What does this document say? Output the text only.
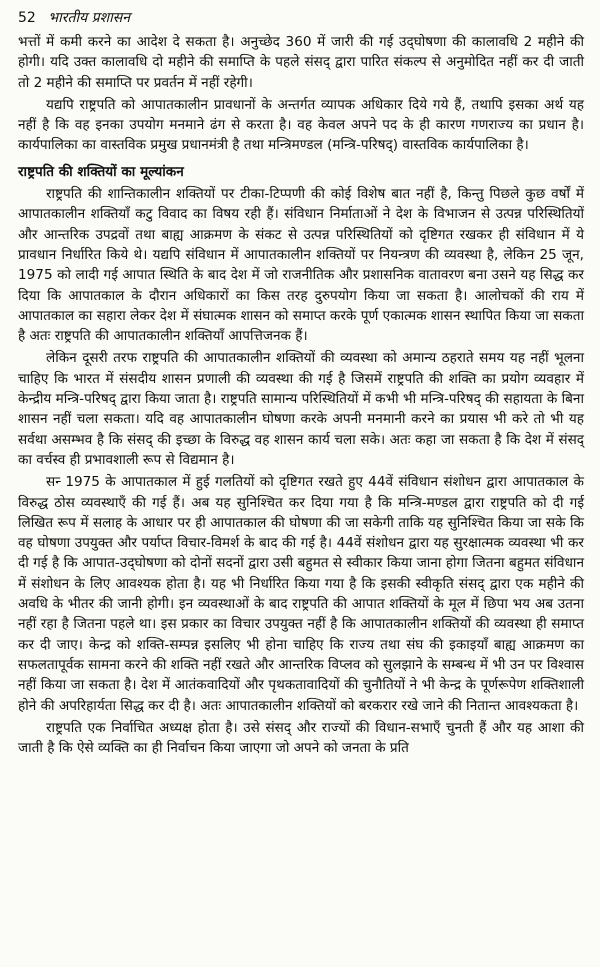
52 भारतीय प्रशासन

भत्तों में कमी करने का आदेश दे सकता है। अनुच्छेद 360 में जारी की गई उद्‍घोषणा की कालावधि 2 महीने की होगी। यदि उक्त कालावधि दो महीने की समाप्ति के पहले संसद्‍ द्वारा पारित संकल्प से अनुमोदित नहीं कर दी जाती तो 2 महीने की समाप्ति पर प्रवर्तन में नहीं रहेगी।

यद्यपि राष्ट्रपति को आपातकालीन प्रावधानों के अन्तर्गत व्यापक अधिकार दिये गये हैं, तथापि इसका अर्थ यह नहीं है कि वह इनका उपयोग मनमाने ढंग से करता है। वह केवल अपने पद के ही कारण गणराज्य का प्रधान है। कार्यपालिका का वास्तविक प्रमुख प्रधानमंत्री है तथा मन्त्रिमण्डल (मन्त्रि-परिषद्‍) वास्तविक कार्यपालिका है।

राष्ट्रपति की शक्तियों का मूल्यांकन

राष्ट्रपति की शान्तिकालीन शक्तियों पर टीका-टिप्पणी की कोई विशेष बात नहीं है, किन्तु पिछले कुछ वर्षों में आपातकालीन शक्तियाँ कटु विवाद का विषय रही हैं। संविधान निर्माताओं ने देश के विभाजन से उत्पन्न परिस्थितियों और आन्तरिक उपद्रवों तथा बाह्य आक्रमण के संकट से उत्पन्न परिस्थितियों को दृष्टिगत रखकर ही संविधान में ये प्रावधान निर्धारित किये थे। यद्यपि संविधान में आपातकालीन शक्तियों पर नियन्त्रण की व्यवस्था है, लेकिन 25 जून, 1975 को लादी गई आपात स्थिति के बाद देश में जो राजनीतिक और प्रशासनिक वातावरण बना उसने यह सिद्ध कर दिया कि आपातकाल के दौरान अधिकारों का किस तरह दुरुपयोग किया जा सकता है। आलोचकों की राय में आपातकाल का सहारा लेकर देश में संघात्मक शासन को समाप्त करके पूर्ण एकात्मक शासन स्थापित किया जा सकता है अतः राष्ट्रपति की आपातकालीन शक्तियाँ आपत्तिजनक हैं।

लेकिन दूसरी तरफ राष्ट्रपति की आपातकालीन शक्तियों की व्यवस्था को अमान्य ठहराते समय यह नहीं भूलना चाहिए कि भारत में संसदीय शासन प्रणाली की व्यवस्था की गई है जिसमें राष्ट्रपति की शक्ति का प्रयोग व्यवहार में केन्द्रीय मन्त्रि-परिषद्‍ द्वारा किया जाता है। राष्ट्रपति सामान्य परिस्थितियों में कभी भी मन्त्रि-परिषद्‍ की सहायता के बिना शासन नहीं चला सकता। यदि वह आपातकालीन घोषणा करके अपनी मनमानी करने का प्रयास भी करे तो भी यह सर्वथा असम्भव है कि संसद्‍ की इच्छा के विरुद्ध वह शासन कार्य चला सके। अतः कहा जा सकता है कि देश में संसद्‍ का वर्चस्व ही प्रभावशाली रूप से विद्यमान है।

सन्‍ 1975 के आपातकाल में हुई गलतियों को दृष्टिगत रखते हुए 44वें संविधान संशोधन द्वारा आपातकाल के विरुद्ध ठोस व्यवस्थाएँ की गई हैं। अब यह सुनिश्चित कर दिया गया है कि मन्त्रि-मण्डल द्वारा राष्ट्रपति को दी गई लिखित रूप में सलाह के आधार पर ही आपातकाल की घोषणा की जा सकेगी ताकि यह सुनिश्चित किया जा सके कि वह घोषणा उपयुक्त और पर्याप्त विचार-विमर्श के बाद की गई है। 44वें संशोधन द्वारा यह सुरक्षात्मक व्यवस्था भी कर दी गई है कि आपात-उद्‍घोषणा को दोनों सदनों द्वारा उसी बहुमत से स्वीकार किया जाना होगा जितना बहुमत संविधान में संशोधन के लिए आवश्यक होता है। यह भी निर्धारित किया गया है कि इसकी स्वीकृति संसद्‍ द्वारा एक महीने की अवधि के भीतर की जानी होगी। इन व्यवस्थाओं के बाद राष्ट्रपति की आपात शक्तियों के मूल में छिपा भय अब उतना नहीं रहा है जितना पहले था। इस प्रकार का विचार उपयुक्त नहीं है कि आपातकालीन शक्तियों की व्यवस्था ही समाप्त कर दी जाए। केन्द्र को शक्ति-सम्पन्न इसलिए भी होना चाहिए कि राज्य तथा संघ की इकाइयाँ बाह्य आक्रमण का सफलतापूर्वक सामना करने की शक्ति नहीं रखते और आन्तरिक विप्लव को सुलझाने के सम्बन्ध में भी उन पर विश्वास नहीं किया जा सकता है। देश में आतंकवादियों और पृथकतावादियों की चुनौतियों ने भी केन्द्र के पूर्णरूपेण शक्तिशाली होने की अपरिहार्यता सिद्ध कर दी है। अतः आपातकालीन शक्तियों को बरकरार रखे जाने की नितान्त आवश्यकता है।

राष्ट्रपति एक निर्वाचित अध्यक्ष होता है। उसे संसद्‍ और राज्यों की विधान-सभाएँ चुनती हैं और यह आशा की जाती है कि ऐसे व्यक्ति का ही निर्वाचन किया जाएगा जो अपने को जनता के प्रति
